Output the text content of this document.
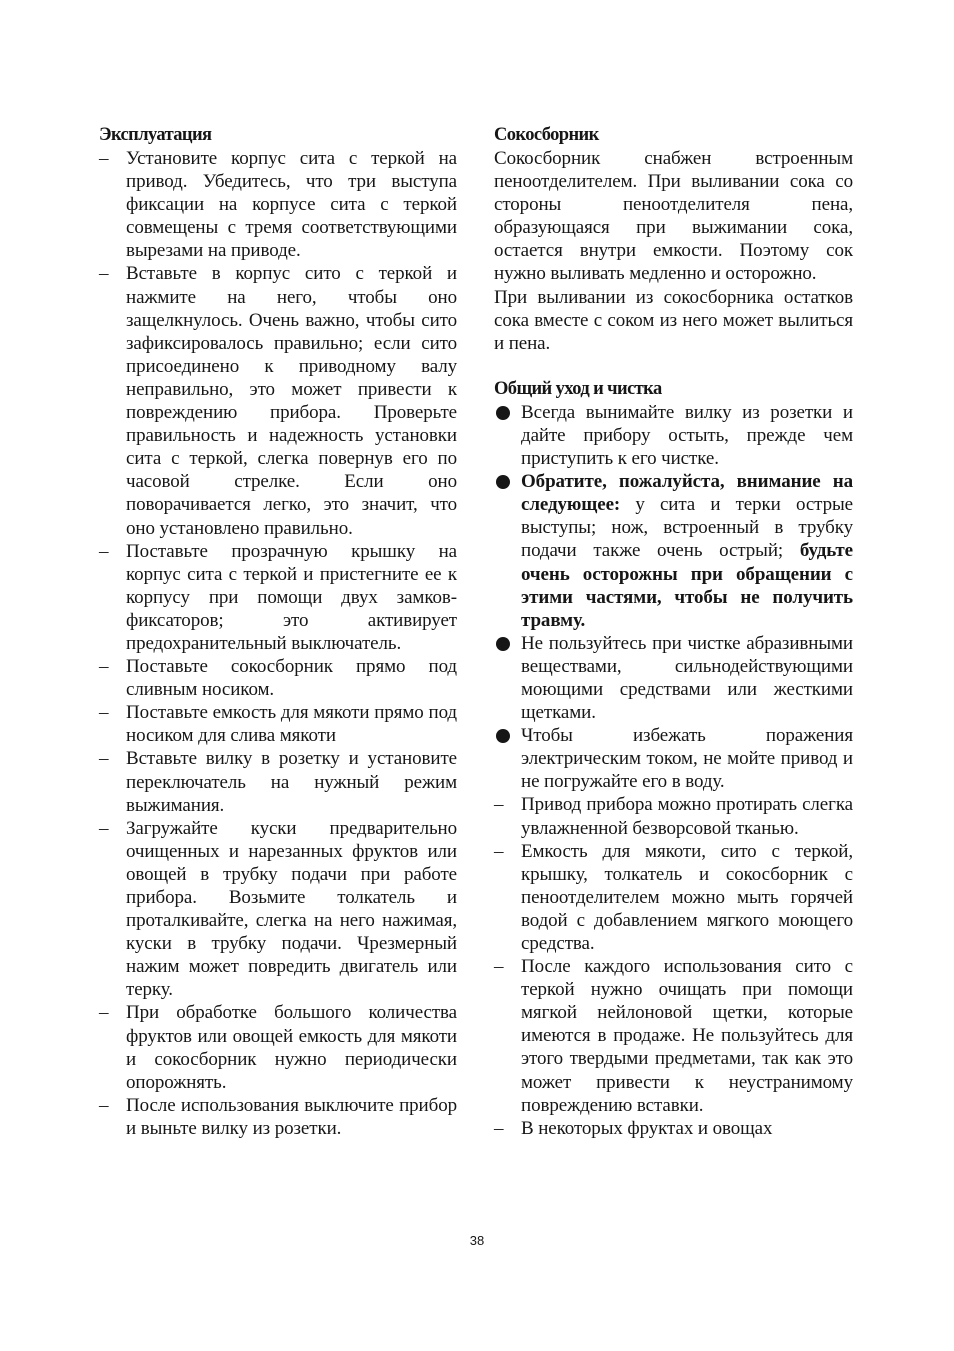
Эксплуатация

– Установите корпус сита с теркой на привод. Убедитесь, что три выступа фиксации на корпусе сита с теркой совмещены с тремя соответствующими вырезами на приводе.
– Вставьте в корпус сито с теркой и нажмите на него, чтобы оно защелкнулось. Очень важно, чтобы сито зафиксировалось правильно; если сито присоединено к приводному валу неправильно, это может привести к повреждению прибора. Проверьте правильность и надежность установки сита с теркой, слегка повернув его по часовой стрелке. Если оно поворачивается легко, это значит, что оно установлено правильно.
– Поставьте прозрачную крышку на корпус сита с теркой и пристегните ее к корпусу при помощи двух замков-фиксаторов; это активирует предохранительный выключатель.
– Поставьте сокосборник прямо под сливным носиком.
– Поставьте емкость для мякоти прямо под носиком для слива мякоти
– Вставьте вилку в розетку и установите переключатель на нужный режим выжимания.
– Загружайте куски предварительно очищенных и нарезанных фруктов или овощей в трубку подачи при работе прибора. Возьмите толкатель и проталкивайте, слегка на него нажимая, куски в трубку подачи. Чрезмерный нажим может повредить двигатель или терку.
– При обработке большого количества фруктов или овощей емкость для мякоти и сокосборник нужно периодически опорожнять.
– После использования выключите прибор и выньте вилку из розетки.

Сокосборник

Сокосборник снабжен встроенным пеноотделителем. При выливании сока со стороны пеноотделителя пена, образующаяся при выжимании сока, остается внутри емкости. Поэтому сок нужно выливать медленно и осторожно.

При выливании из сокосборника остатков сока вместе с соком из него может вылиться и пена.

Общий уход и чистка

Всегда вынимайте вилку из розетки и дайте прибору остыть, прежде чем приступить к его чистке.
Обратите, пожалуйста, внимание на следующее: у сита и терки острые выступы; нож, встроенный в трубку подачи также очень острый; будьте очень осторожны при обращении с этими частями, чтобы не получить травму.
Не пользуйтесь при чистке абразивными веществами, сильнодействующими моющими средствами или жесткими щетками.
Чтобы избежать поражения электрическим током, не мойте привод и не погружайте его в воду.
– Привод прибора можно протирать слегка увлажненной безворсовой тканью.
– Емкость для мякоти, сито с теркой, крышку, толкатель и сокосборник с пеноотделителем можно мыть горячей водой с добавлением мягкого моющего средства.
– После каждого использования сито с теркой нужно очищать при помощи мягкой нейлоновой щетки, которые имеются в продаже. Не пользуйтесь для этого твердыми предметами, так как это может привести к неустранимому повреждению вставки.
– В некоторых фруктах и овощах
38
